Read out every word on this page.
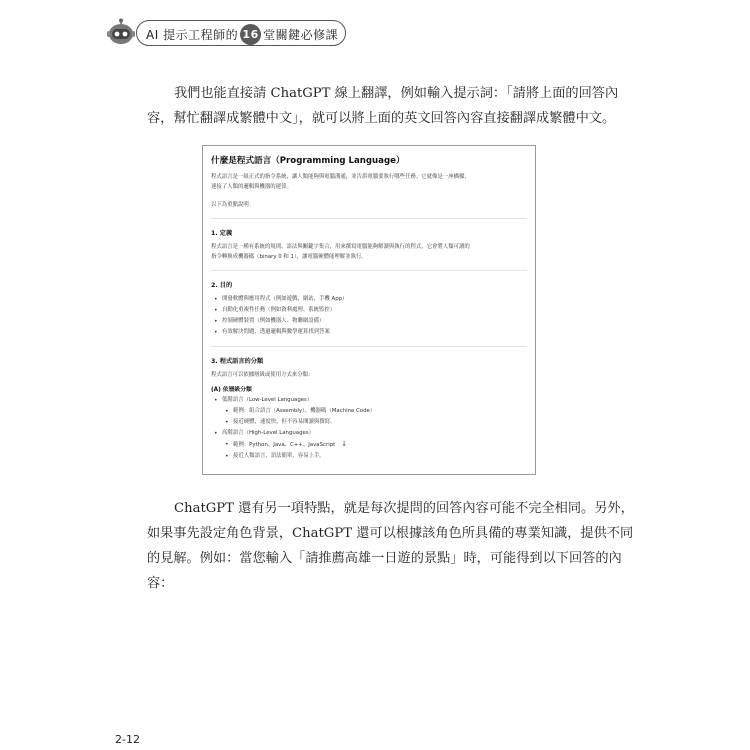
AI 提示工程師的 16 堂關鍵必修課

我們也能直接請 ChatGPT 線上翻譯，例如輸入提示詞：「請將上面的回答內

容，幫忙翻譯成繁體中文」，就可以將上面的英文回答內容直接翻譯成繁體中文。

什麼是程式語言（Programming Language）
程式語言是一組正式的指令系統，讓人類能夠與電腦溝通，並告訴電腦要執行哪些任務。它就像是一座橋樑，
連接了人類的邏輯與機器的運算。
以下為重點說明：
1. 定義
程式語言是一種有系統的規則、語法與關鍵字集合，用來撰寫電腦能夠解讀與執行的程式。它會將人類可讀的
指令轉換成機器碼（binary 0 和 1），讓電腦硬體能理解並執行。
2. 目的
• 開發軟體與應用程式（例如遊戲、網站、手機 App）
• 自動化重複性任務（例如資料處理、系統監控）
• 控制硬體裝置（例如機器人、物聯網設備）
• 有效解決問題，透過邏輯與數學運算找到答案
3. 程式語言的分類
程式語言可以依據層級或使用方式來分類：
(A) 依層級分類
• 低階語言（Low-Level Languages）
• 範例：組合語言（Assembly）、機器碼（Machine Code）
• 接近硬體，速度快，但不容易閱讀與撰寫。
• 高階語言（High-Level Languages）
• 範例：Python、Java、C++、JavaScript ↓
• 接近人類語言，語法簡單，容易上手。

ChatGPT 還有另一項特點，就是每次提問的回答內容可能不完全相同。另外，

如果事先設定角色背景，ChatGPT 還可以根據該角色所具備的專業知識，提供不同

的見解。例如：當您輸入「請推薦高雄一日遊的景點」時，可能得到以下回答的內

容：

2-12
